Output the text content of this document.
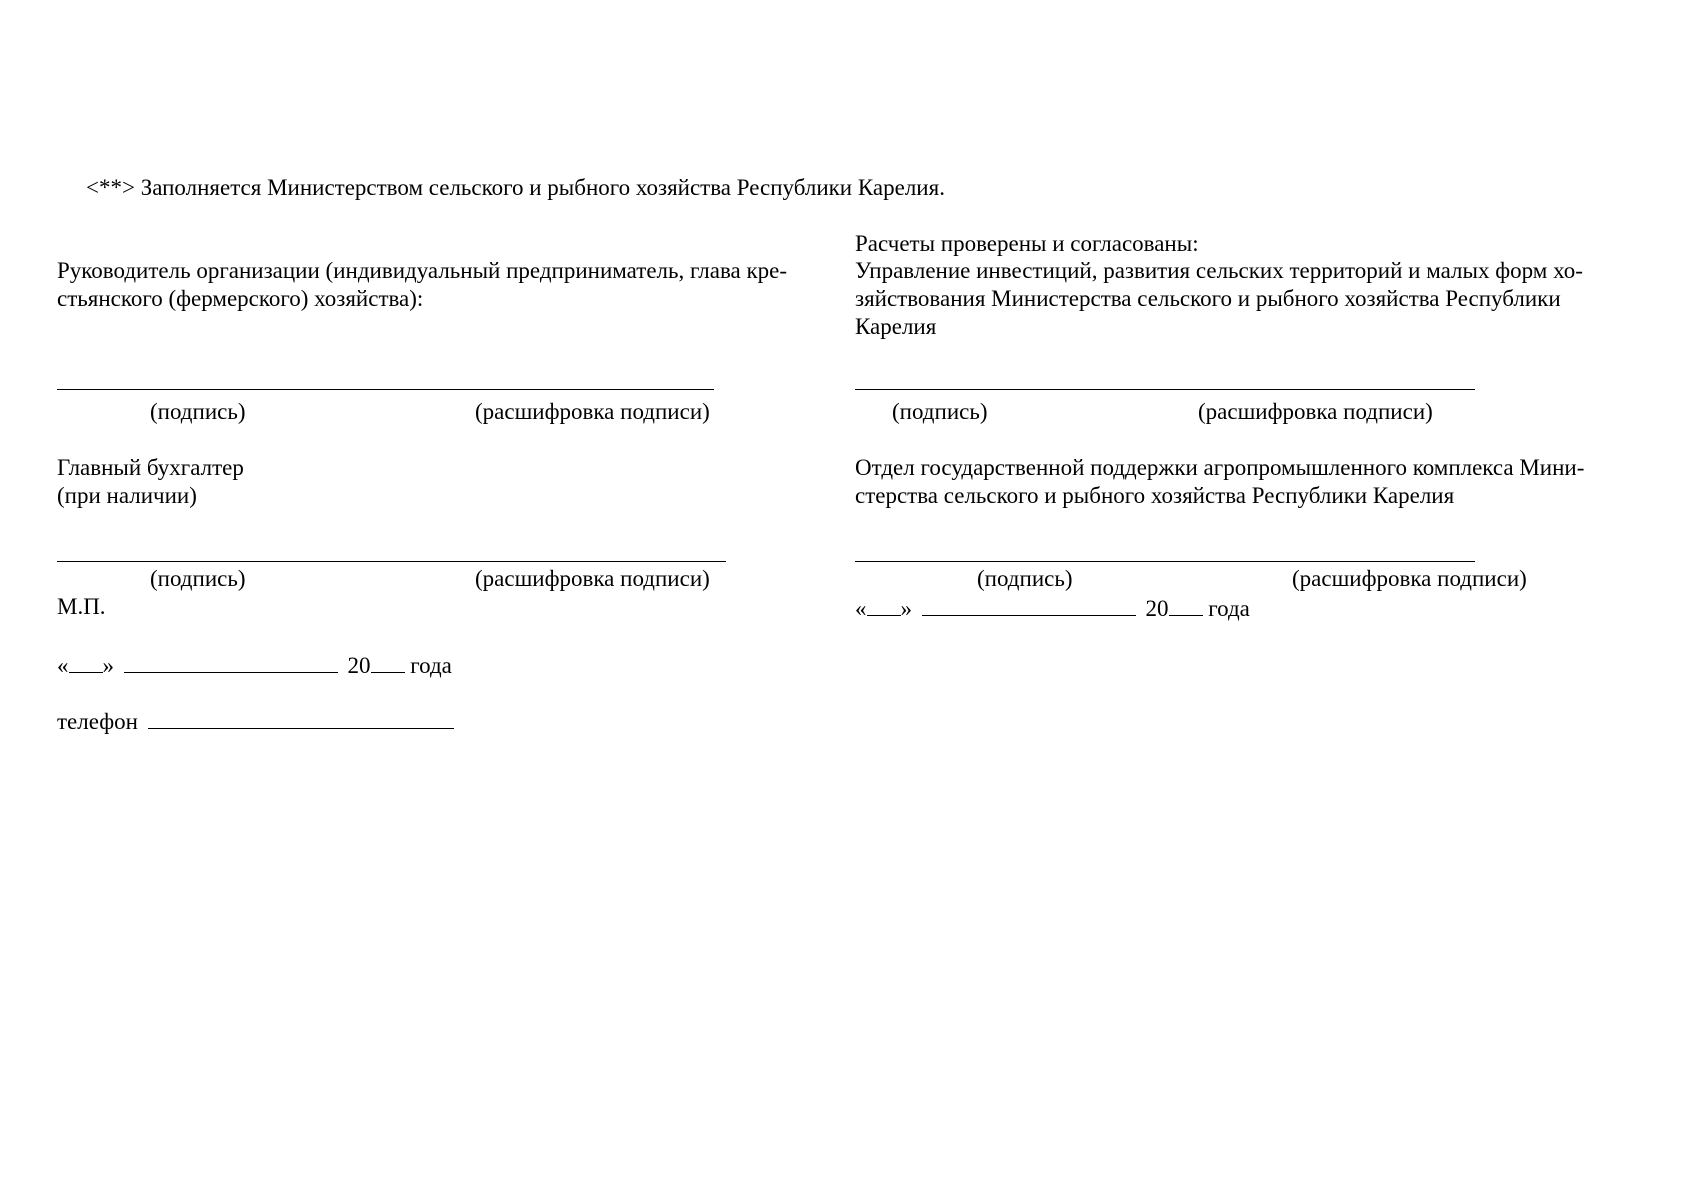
<**> Заполняется Министерством сельского и рыбного хозяйства Республики Карелия.
Руководитель организации (индивидуальный предприниматель, глава кре-
стьянского (фермерского) хозяйства):
(подпись)	(расшифровка подписи)
Главный бухгалтер
(при наличии)
(подпись)	(расшифровка подписи)
М.П.
« »	20 года
телефон
Расчеты проверены и согласованы:
Управление инвестиций, развития сельских территорий и малых форм хо-
зяйствования Министерства сельского и рыбного хозяйства Республики
Карелия
(подпись)	(расшифровка подписи)
Отдел государственной поддержки агропромышленного комплекса Мини-
стерства сельского и рыбного хозяйства Республики Карелия
(подпись)	(расшифровка подписи)
« »	20 года
